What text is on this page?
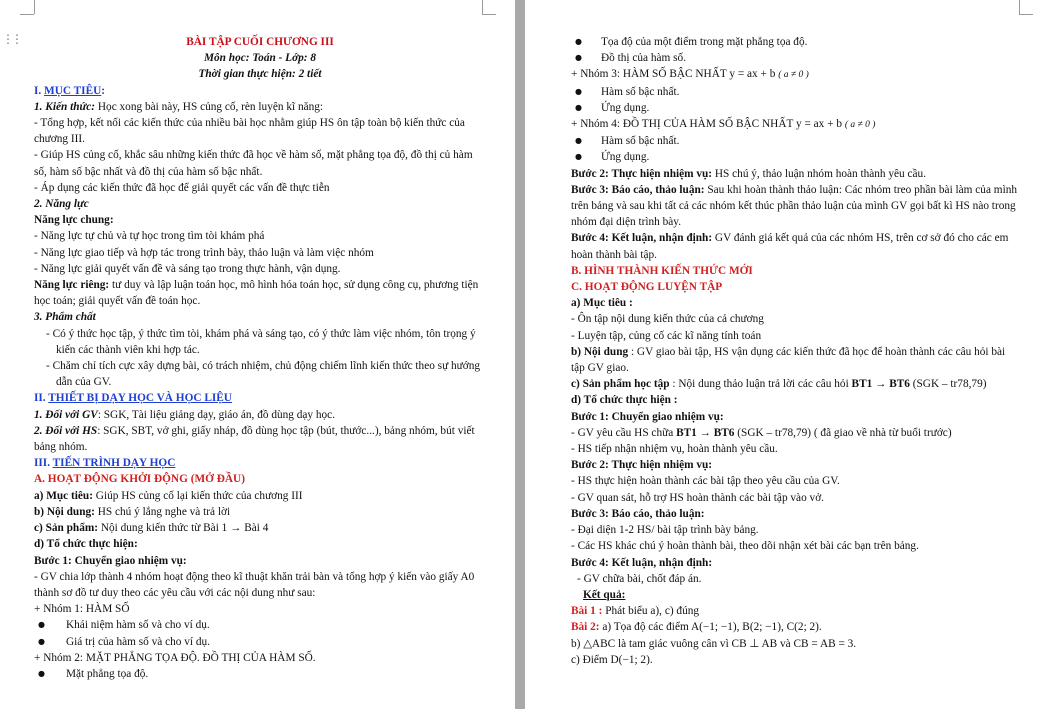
BÀI TẬP CUỐI CHƯƠNG III
Môn học: Toán - Lớp: 8
Thời gian thực hiện: 2 tiết
I. MỤC TIÊU:
1. Kiến thức: Học xong bài này, HS củng cố, rèn luyện kĩ năng:
- Tổng hợp, kết nối các kiến thức của nhiều bài học nhằm giúp HS ôn tập toàn bộ kiến thức của chương III.
- Giúp HS củng cố, khắc sâu những kiến thức đã học về hàm số, mặt phẳng tọa độ, đồ thị củ hàm số, hàm số bậc nhất và đồ thị của hàm số bậc nhất.
- Áp dụng các kiến thức đã học để giải quyết các vấn đề thực tiễn
2. Năng lực
Năng lực chung:
- Năng lực tự chủ và tự học trong tìm tòi khám phá
- Năng lực giao tiếp và hợp tác trong trình bày, thảo luận và làm việc nhóm
- Năng lực giải quyết vấn đề và sáng tạo trong thực hành, vận dụng.
Năng lực riêng: tư duy và lập luận toán học, mô hình hóa toán học, sử dụng công cụ, phương tiện học toán; giải quyết vấn đề toán học.
3. Phẩm chất
- Có ý thức học tập, ý thức tìm tòi, khám phá và sáng tạo, có ý thức làm việc nhóm, tôn trọng ý kiến các thành viên khi hợp tác.
- Chăm chỉ tích cực xây dựng bài, có trách nhiệm, chủ động chiếm lĩnh kiến thức theo sự hướng dẫn của GV.
II. THIẾT BỊ DẠY HỌC VÀ HỌC LIỆU
1. Đối với GV: SGK, Tài liệu giảng dạy, giáo án, đồ dùng dạy học.
2. Đối với HS: SGK, SBT, vở ghi, giấy nháp, đồ dùng học tập (bút, thước...), bảng nhóm, bút viết bảng nhóm.
III. TIẾN TRÌNH DẠY HỌC
A. HOẠT ĐỘNG KHỞI ĐỘNG (MỞ ĐẦU)
a) Mục tiêu: Giúp HS củng cố lại kiến thức của chương III
b) Nội dung: HS chú ý lắng nghe và trả lời
c) Sản phẩm: Nội dung kiến thức từ Bài 1 → Bài 4
d) Tổ chức thực hiện:
Bước 1: Chuyển giao nhiệm vụ:
- GV chia lớp thành 4 nhóm hoạt động theo kĩ thuật khăn trải bàn và tổng hợp ý kiến vào giấy A0 thành sơ đồ tư duy theo các yêu cầu với các nội dung như sau:
+ Nhóm 1: HÀM SỐ
● Khái niệm hàm số và cho ví dụ.
● Giá trị của hàm số và cho ví dụ.
+ Nhóm 2: MẶT PHẲNG TỌA ĐỘ. ĐỒ THỊ CỦA HÀM SỐ.
● Mặt phẳng tọa độ.
⋮⋮
●	Tọa độ của một điểm trong mặt phẳng tọa độ.
● Đồ thị của hàm số.
+ Nhóm 3: HÀM SỐ BẬC NHẤT y = ax + b ( a ≠ 0 )
● Hàm số bậc nhất.
● Ứng dụng.
+ Nhóm 4: ĐỒ THỊ CỦA HÀM SỐ BẬC NHẤT y = ax + b ( a ≠ 0 )
● Hàm số bậc nhất.
● Ứng dụng.
Bước 2: Thực hiện nhiệm vụ: HS chú ý, thảo luận nhóm hoàn thành yêu cầu.
Bước 3: Báo cáo, thảo luận: Sau khi hoàn thành thảo luận: Các nhóm treo phần bài làm của mình trên bảng và sau khi tất cả các nhóm kết thúc phần thảo luận của mình GV gọi bất kì HS nào trong nhóm đại diện trình bày.
Bước 4: Kết luận, nhận định: GV đánh giá kết quả của các nhóm HS, trên cơ sở đó cho các em hoàn thành bài tập.
B. HÌNH THÀNH KIẾN THỨC MỚI
C. HOẠT ĐỘNG LUYỆN TẬP
a) Mục tiêu :
- Ôn tập nội dung kiến thức của cả chương
- Luyện tập, củng cố các kĩ năng tính toán
b) Nội dung : GV giao bài tập, HS vận dụng các kiến thức đã học để hoàn thành các câu hỏi bài tập GV giao.
c) Sản phẩm học tập : Nội dung thảo luận trả lời các câu hỏi BT1 → BT6 (SGK – tr78,79)
d) Tổ chức thực hiện :
Bước 1: Chuyển giao nhiệm vụ:
- GV yêu cầu HS chữa BT1 → BT6 (SGK – tr78,79) ( đã giao về nhà từ buổi trước)
- HS tiếp nhận nhiệm vụ, hoàn thành yêu cầu.
Bước 2: Thực hiện nhiệm vụ:
- HS thực hiện hoàn thành các bài tập theo yêu cầu của GV.
- GV quan sát, hỗ trợ HS hoàn thành các bài tập vào vở.
Bước 3: Báo cáo, thảo luận:
- Đại diện 1-2 HS/ bài tập trình bày bảng.
- Các HS khác chú ý hoàn thành bài, theo dõi nhận xét bài các bạn trên bảng.
Bước 4: Kết luận, nhận định:
- GV chữa bài, chốt đáp án.
Kết quả:
Bài 1 : Phát biểu a), c) đúng
Bài 2: a) Tọa độ các điểm A(−1; −1), B(2; −1), C(2; 2).
b) △ABC là tam giác vuông cân vì CB ⊥ AB và CB = AB = 3.
c) Điểm D(−1; 2).
